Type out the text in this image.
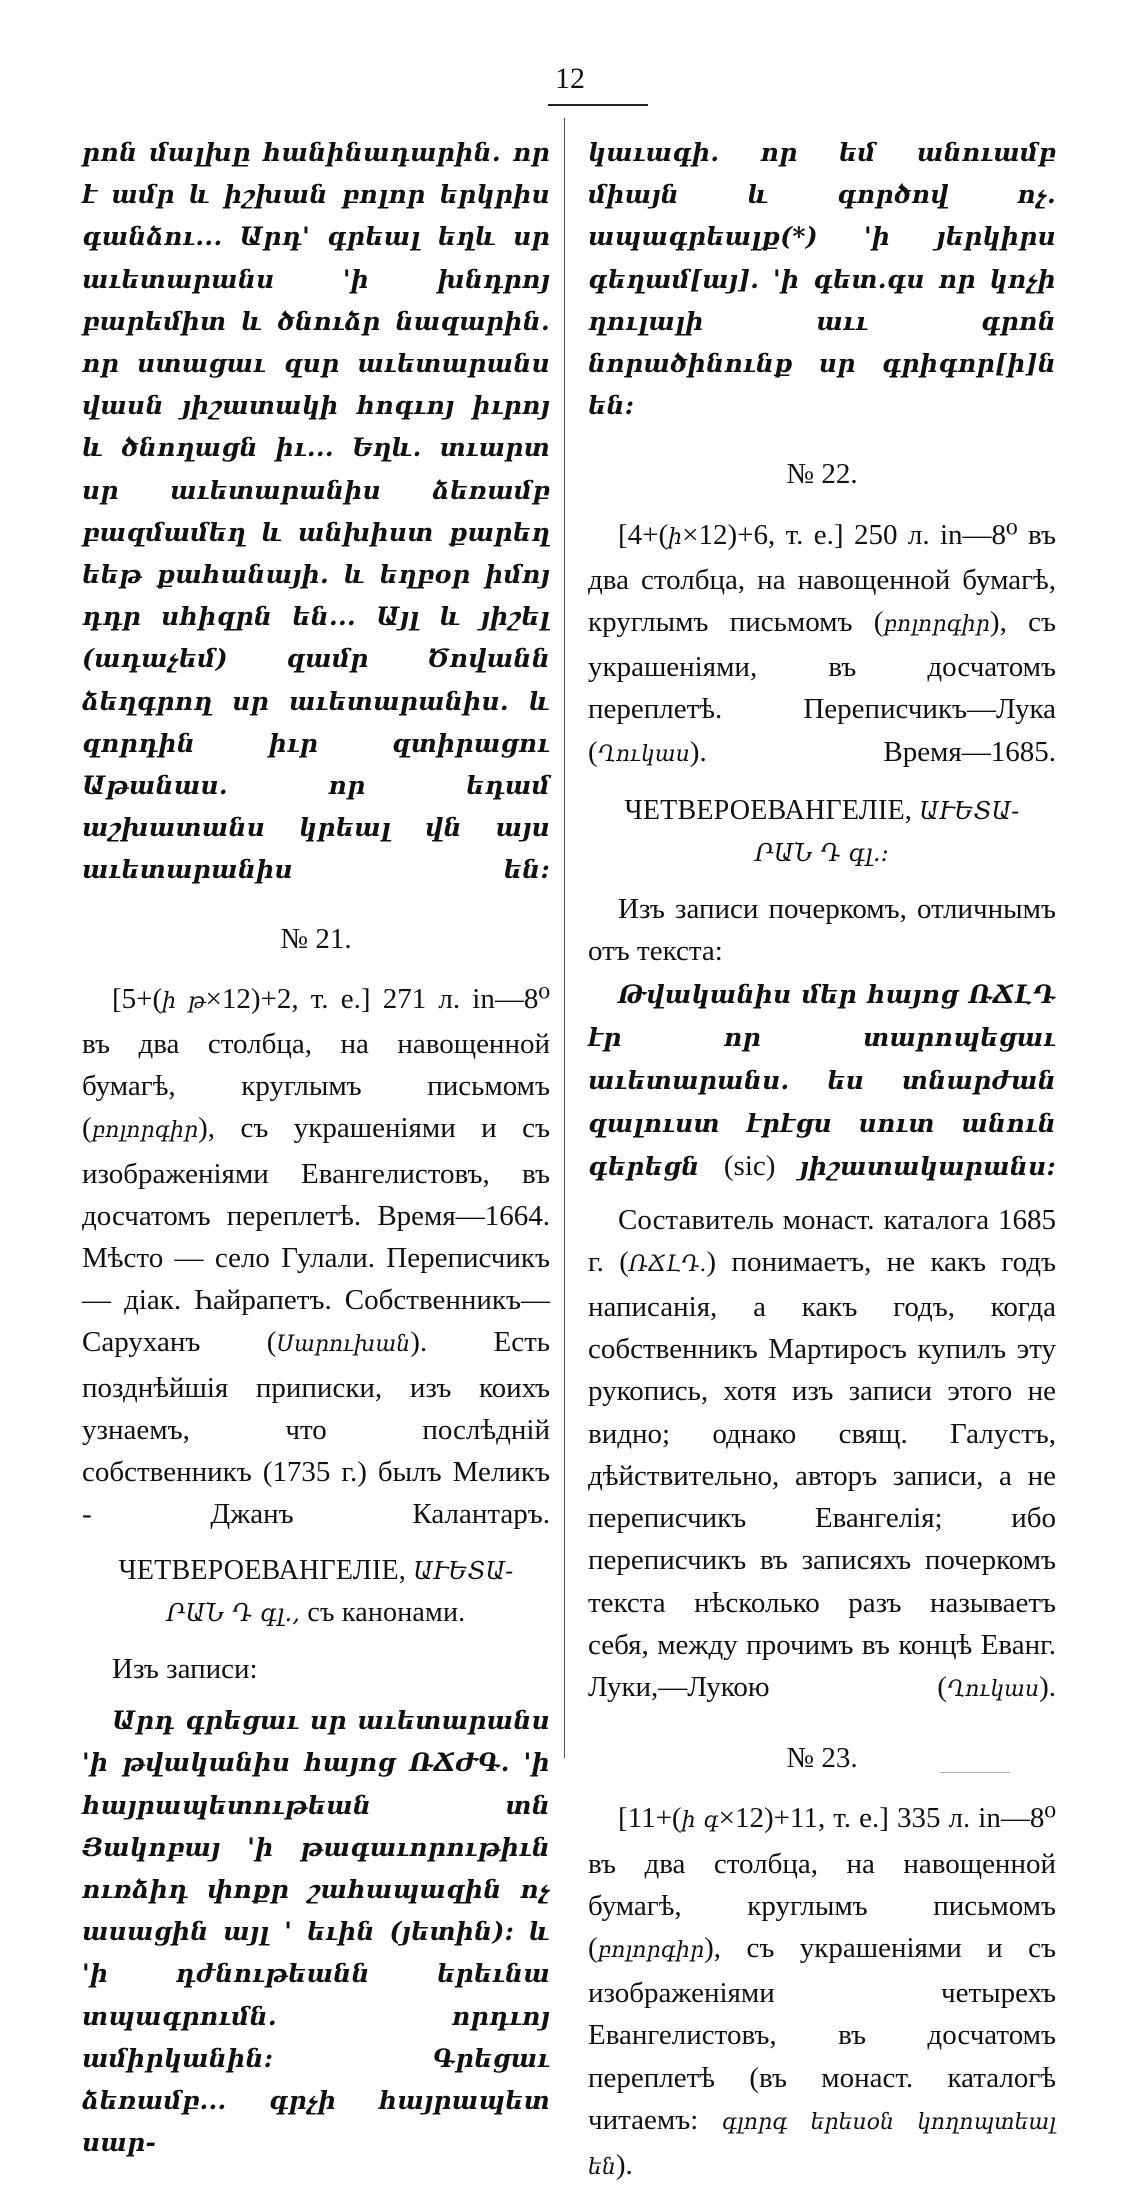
12

րոն մալխը հանինադարին. որ է ամր և իշխան բոլոր երկրիս գանձու... Արդ' գրեալ եղև սր աւետարանս 'ի խնդրոյ բարեմիտ և ծնուձր նազարին. որ ստացաւ զսր աւետարանս վասն յիշատակի հոգւոյ իւրոյ և ծնողացն իւ... Եղև. տւարտ սր աւետարանիս ձեռամբ բազմամեղ և անխիստ քարեղ եեթ քահանայի. և եղբօր իմոյ դդր սհիզրն են... Այլ և յիշել (ադաչեմ) զամր Ծովանն ձեղգրող սր աւետարանիս. և զորդին իւր զտիրացու Աթանաս. որ եդամ աշխատանս կրեալ վն այս աւետարանիս են:

№ 21.

[5+(ի թ×12)+2, т. е.] 271 л. in—8⁰ въ два столбца, на навощенной бумагѣ, круглымъ письмомъ (բոլորգիր), съ украшеніями и съ изображеніями Евангелистовъ, въ досчатомъ переплетѣ. Время—1664. Мѣсто — село Гулали. Переписчикъ — діак. Һайрапетъ. Собственникъ—Саруханъ (Սարուխան). Есть позднѣйшія приписки, изъ коихъ узнаемъ, что послѣдній собственникъ (1735 г.) былъ Меликъ - Джанъ Калантаръ.

ЧЕТВЕРОЕВАНГЕЛІЕ, ԱՒԵՏԱ-
ՐԱՆ Դ գլ., съ канонами.

Изъ записи:

Արդ գրեցաւ սր աւետարանս 'ի թվականիս հայոց ՌՃԺԳ. 'ի հայրապետութեան տն Յակոբայ 'ի թագաւորութիւն ուռձիդ փոքր շահապազին ոչ ասացին այլ ' եւին (յետին): և 'ի դժնութեանն երեւնա տպագրումն. որդւոյ ամիրկանին: Գրեցաւ ձեռամբ... գրչի հայրապետ սար-

կաւագի. որ եմ անուամբ միայն և գործով ոչ. ապագրեալք(*) 'ի յերկիրս գեղամ[այ]. 'ի գետ.գս որ կոչի ղուլալի աււ գրոն նորածինունք սր գրիգոր[ի]ն են:

№ 22.

[4+(ի×12)+6, т. е.] 250 л. in—8⁰ въ два столбца, на навощенной бумагѣ, круглымъ письмомъ (բոլորգիր), съ украшеніями, въ досчатомъ переплетѣ. Переписчикъ—Лука (Ղուկաս). Время—1685.

ЧЕТВЕРОЕВАНГЕЛІЕ, ԱՒԵՏԱ-
ՐԱՆ Դ գլ.:

Изъ записи почеркомъ, отличнымъ отъ текста:

Թվականիս մեր հայոց ՌՃԼԴ էր որ տարոպեցաւ աւետարանս. ես տնարժան զալուստ էրէցս սուտ անուն գերեցն (sic) յիշատակարանս:

Составитель монаст. каталога 1685 г. (ՌՃԼԴ.) понимаетъ, не какъ годъ написанія, а какъ годъ, когда собственникъ Мартиросъ купилъ эту рукопись, хотя изъ записи этого не видно; однако свящ. Галустъ, дѣйствительно, авторъ записи, а не переписчикъ Евангелія; ибо переписчикъ въ записяхъ почеркомъ текста нѣсколько разъ называетъ себя, между прочимъ въ концѣ Еванг. Луки,—Лукою (Ղուկաս).

№ 23.

[11+(ի գ×12)+11, т. е.] 335 л. in—8⁰ въ два столбца, на навощенной бумагѣ, круглымъ письмомъ (բոլորգիր), съ украшеніями и съ изображеніями четырехъ Евангелистовъ, въ досчатомъ переплетѣ (въ монаст. каталогѣ читаемъ: գլորգ երեսօն կողոպտեալ են).
